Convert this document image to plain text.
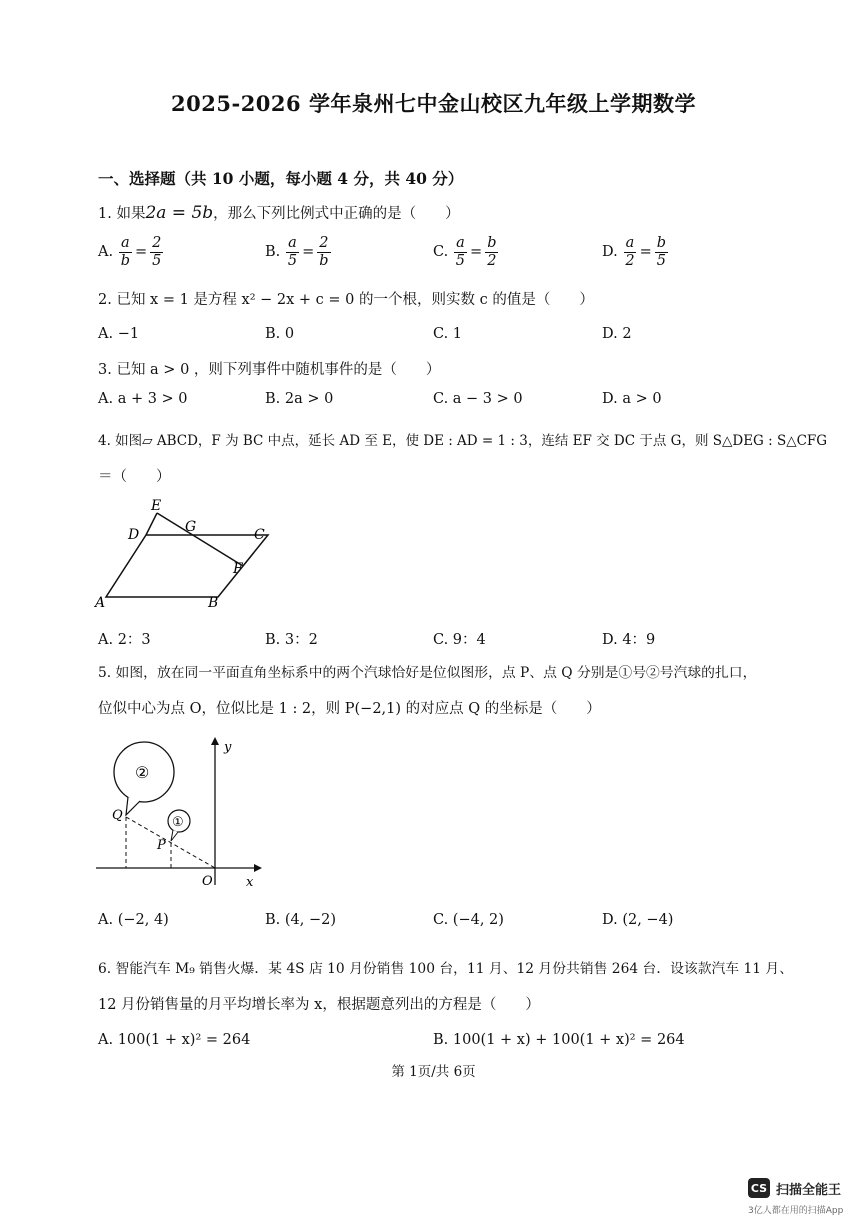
2025-2026 学年泉州七中金山校区九年级上学期数学
一、选择题（共 10 小题，每小题 4 分，共 40 分）
1. 如果2a = 5b，那么下列比例式中正确的是（　　）
A. $\frac{a}{b} = \frac{2}{5}$	B. $\frac{a}{5} = \frac{2}{b}$	C. $\frac{a}{5} = \frac{b}{2}$	D. $\frac{a}{2} = \frac{b}{5}$
2. 已知 x = 1 是方程 x² − 2x + c = 0 的一个根，则实数 c 的值是（　　）
A. −1	B. 0	C. 1	D. 2
3. 已知 a > 0 ，则下列事件中随机事件的是（　　）
A. a + 3 > 0	B. 2a > 0	C. a − 3 > 0	D. a > 0
4. 如图▱ ABCD，F 为 BC 中点，延长 AD 至 E，使 DE : AD = 1 : 3，连结 EF 交 DC 于点 G，则 S△DEG : S△CFG
＝（　　）
A	B
C
D
E
F
G
A. 2：3	B. 3：2	C. 9：4	D. 4：9
5. 如图，放在同一平面直角坐标系中的两个汽球恰好是位似图形，点 P、点 Q 分别是①号②号汽球的扎口，
位似中心为点 O，位似比是 1 : 2，则 P(−2,1) 的对应点 Q 的坐标是（　　）
y
x
O
②
①
Q
P
A. (−2, 4)	B. (4, −2)	C. (−4, 2)	D. (2, −4)
6. 智能汽车 M₉ 销售火爆．某 4S 店 10 月份销售 100 台，11 月、12 月份共销售 264 台．设该款汽车 11 月、
12 月份销售量的月平均增长率为 x，根据题意列出的方程是（　　）
A. 100(1 + x)² = 264	B. 100(1 + x) + 100(1 + x)² = 264
第 1页/共 6页
CS 扫描全能王
3亿人都在用的扫描App
